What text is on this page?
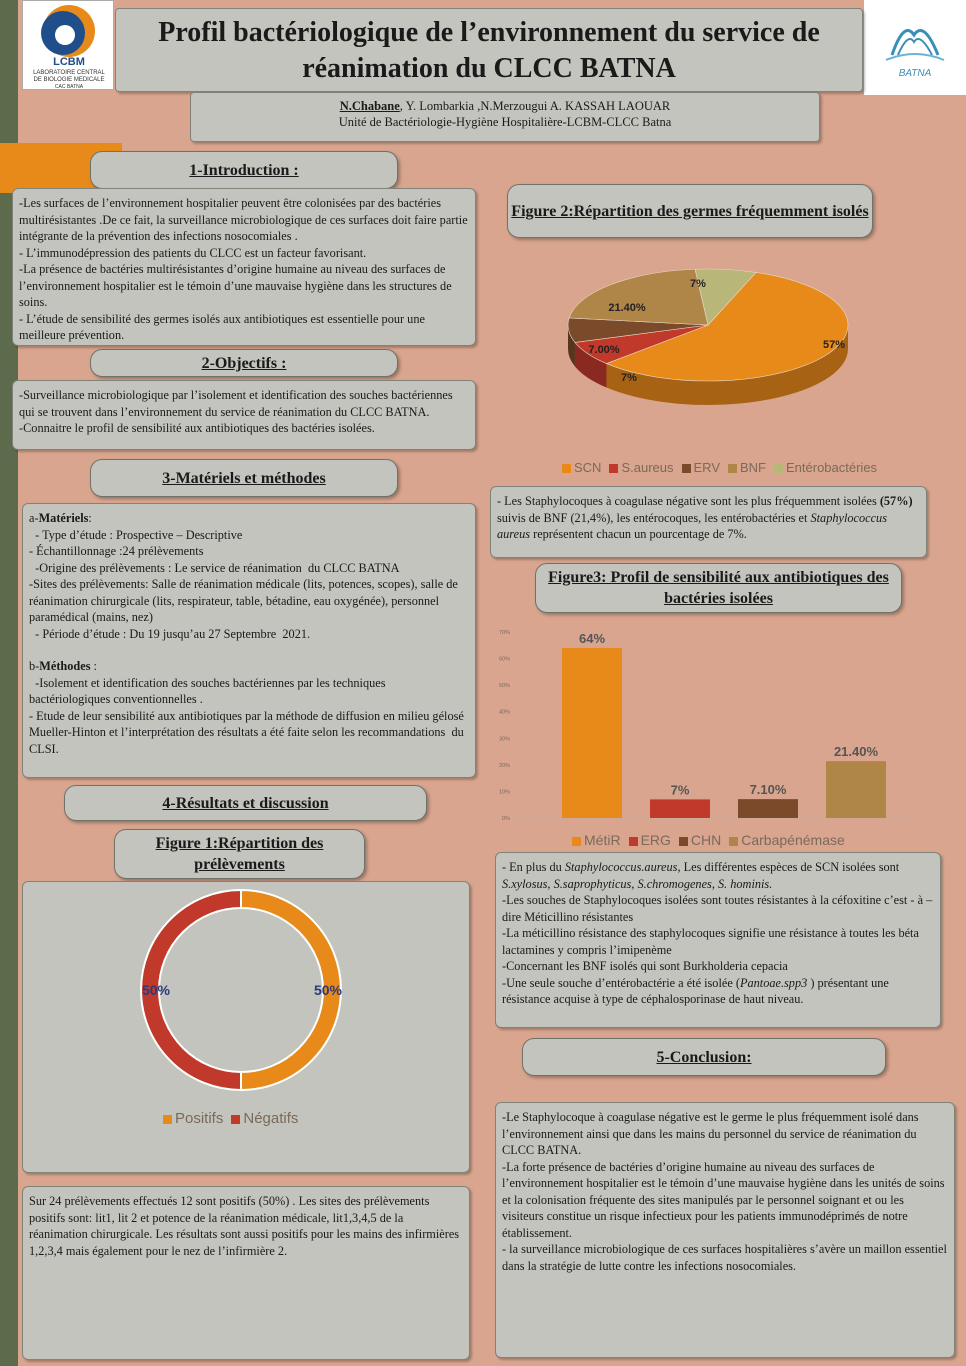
LCBM
LABORATOIRE CENTRAL
DE BIOLOGIE MEDICALE
CAC BATNA
BATNA
Profil bactériologique de l’environnement du service de réanimation du CLCC BATNA
N.Chabane, Y. Lombarkia ,N.Merzougui A. KASSAH LAOUAR
Unité de Bactériologie-Hygiène Hospitalière-LCBM-CLCC Batna
1-Introduction :
-Les surfaces de l’environnement hospitalier peuvent être colonisées par des bactéries multirésistantes .De ce fait, la surveillance microbiologique de ces surfaces doit faire partie intégrante de la prévention des infections nosocomiales .
- L’immunodépression des patients du CLCC est un facteur favorisant.
-La présence de bactéries multirésistantes d’origine humaine au niveau des surfaces de l’environnement hospitalier est le témoin d’une mauvaise hygiène dans les structures de soins.
- L’étude de sensibilité des germes isolés aux antibiotiques est essentielle pour une meilleure prévention.
2-Objectifs :
-Surveillance microbiologique par l’isolement et identification des souches bactériennes qui se trouvent dans l’environnement du service de réanimation du CLCC BATNA.
-Connaitre le profil de sensibilité aux antibiotiques des bactéries isolées.
3-Matériels et méthodes
a-Matériels:
- Type d’étude : Prospective – Descriptive
- Échantillonnage :24 prélèvements
-Origine des prélèvements : Le service de réanimation  du CLCC BATNA
-Sites des prélèvements: Salle de réanimation médicale (lits, potences, scopes), salle de réanimation chirurgicale (lits, respirateur, table, bétadine, eau oxygénée), personnel paramédical (mains, nez)
- Période d’étude : Du 19 jusqu’au 27 Septembre  2021.
b-Méthodes :
-Isolement et identification des souches bactériennes par les techniques bactériologiques conventionnelles .
- Etude de leur sensibilité aux antibiotiques par la méthode de diffusion en milieu gélosé  Mueller-Hinton et l’interprétation des résultats a été faite selon les recommandations  du CLSI.
4-Résultats et discussion
Figure 1:Répartition des prélèvements
50%	50%
Positifs	Négatifs
Sur 24 prélèvements effectués 12 sont positifs (50%) . Les sites des prélèvements positifs sont: lit1, lit 2 et potence de la réanimation médicale, lit1,3,4,5 de la réanimation chirurgicale. Les résultats sont aussi positifs pour les mains des infirmières 1,2,3,4 mais également pour le nez de l’infirmière 2.
Figure 2:Répartition des germes fréquemment isolés
57%
7%
7.00%
21.40%
7%
SCN	S.aureus	ERV	BNF	Entérobactéries
- Les Staphylocoques à coagulase négative sont les plus fréquemment isolées (57%) suivis de BNF (21,4%), les entérocoques, les entérobactéries et Staphylococcus aureus représentent chacun un pourcentage de 7%.
Figure3: Profil de sensibilité aux antibiotiques des bactéries isolées
0%
10%
20%
30%
40%
50%
60%
70%	64%
7%	7.10%
21.40%
MétiR	ERG	CHN	Carbapénémase
- En plus du Staphylococcus.aureus, Les différentes espèces de SCN isolées sont S.xylosus, S.saprophyticus, S.chromogenes, S. hominis.
-Les souches de Staphylocoques isolées sont toutes résistantes à la céfoxitine c’est - à –dire Méticillino résistantes
-La méticillino résistance des staphylocoques signifie une résistance à toutes les béta lactamines y compris l’imipenème
-Concernant les BNF isolés qui sont Burkholderia cepacia
-Une seule souche d’entérobactérie a été isolée (Pantoae.spp3 ) présentant une résistance acquise à type de céphalosporinase de haut niveau.
5-Conclusion:
-Le Staphylocoque à coagulase négative est le germe le plus fréquemment isolé dans l’environnement ainsi que dans les mains du personnel du service de réanimation du CLCC BATNA.
-La forte présence de bactéries d’origine humaine au niveau des surfaces de l’environnement hospitalier est le témoin d’une mauvaise hygiène dans les unités de soins et la colonisation fréquente des sites manipulés par le personnel soignant et ou les visiteurs constitue un risque infectieux pour les patients immunodéprimés de notre établissement.
- la surveillance microbiologique de ces surfaces hospitalières s’avère un maillon essentiel dans la stratégie de lutte contre les infections nosocomiales.
